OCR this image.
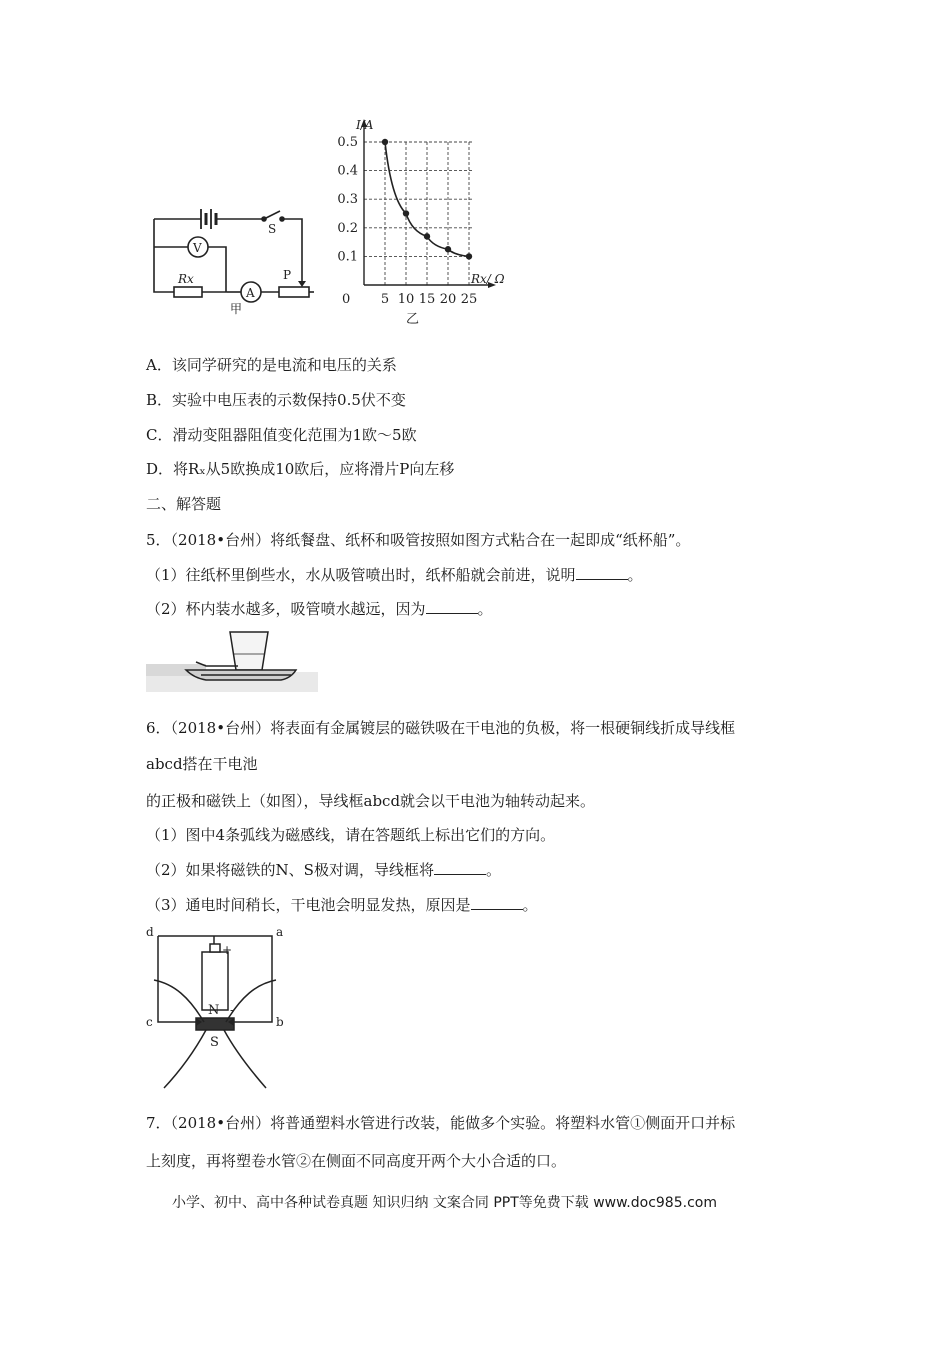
V
Rx
A
S
P
甲
5 10 15 20 25
0.1
0.2
0.3
0.4
0.5
0
I/A
Rx/ Ω
乙
A．该同学研究的是电流和电压的关系
B．实验中电压表的示数保持0.5伏不变
C．滑动变阻器阻值变化范围为1欧～5欧
D．将Rₓ从5欧换成10欧后，应将滑片P向左移
二、解答题
5．（2018•台州）将纸餐盘、纸杯和吸管按照如图方式粘合在一起即成“纸杯船”。
（1）往纸杯里倒些水，水从吸管喷出时，纸杯船就会前进，说明	。
（2）杯内装水越多，吸管喷水越远，因为	。
6．（2018•台州）将表面有金属镀层的磁铁吸在干电池的负极，将一根硬铜线折成导线框
abcd搭在干电池
的正极和磁铁上（如图），导线框abcd就会以干电池为轴转动起来。
（1）图中4条弧线为磁感线，请在答题纸上标出它们的方向。
（2）如果将磁铁的N、S极对调，导线框将	。
（3）通电时间稍长，干电池会明显发热，原因是	。
d	a
c	b
+
-
N
S
7．（2018•台州）将普通塑料水管进行改装，能做多个实验。将塑料水管①侧面开口并标
上刻度，再将塑卷水管②在侧面不同高度开两个大小合适的口。
小学、初中、高中各种试卷真题 知识归纳 文案合同 PPT等免费下载 www.doc985.com
